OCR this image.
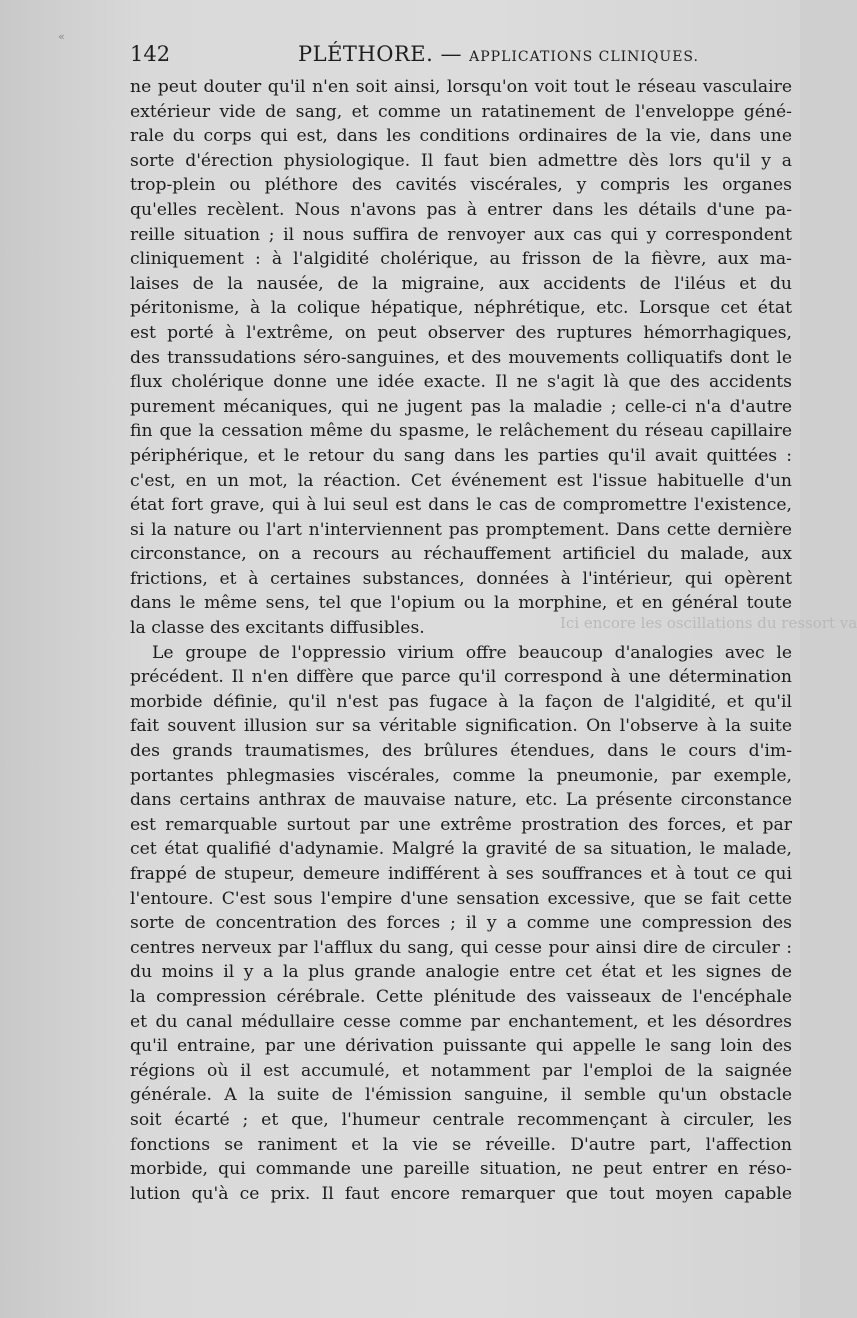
«
142	PLÉTHORE. — APPLICATIONS CLINIQUES.
Ici encore les oscillations du ressort va
ne peut douter qu'il n'en soit ainsi, lorsqu'on voit tout le réseau vasculaire
extérieur vide de sang, et comme un ratatinement de l'enveloppe géné-
rale du corps qui est, dans les conditions ordinaires de la vie, dans une
sorte d'érection physiologique. Il faut bien admettre dès lors qu'il y a
trop-plein ou pléthore des cavités viscérales, y compris les organes
qu'elles recèlent. Nous n'avons pas à entrer dans les détails d'une pa-
reille situation ; il nous suffira de renvoyer aux cas qui y correspondent
cliniquement : à l'algidité cholérique, au frisson de la fièvre, aux ma-
laises de la nausée, de la migraine, aux accidents de l'iléus et du
péritonisme, à la colique hépatique, néphrétique, etc. Lorsque cet état
est porté à l'extrême, on peut observer des ruptures hémorrhagiques,
des transsudations séro-sanguines, et des mouvements colliquatifs dont le
flux cholérique donne une idée exacte. Il ne s'agit là que des accidents
purement mécaniques, qui ne jugent pas la maladie ; celle-ci n'a d'autre
fin que la cessation même du spasme, le relâchement du réseau capillaire
périphérique, et le retour du sang dans les parties qu'il avait quittées :
c'est, en un mot, la réaction. Cet événement est l'issue habituelle d'un
état fort grave, qui à lui seul est dans le cas de compromettre l'existence,
si la nature ou l'art n'interviennent pas promptement. Dans cette dernière
circonstance, on a recours au réchauffement artificiel du malade, aux
frictions, et à certaines substances, données à l'intérieur, qui opèrent
dans le même sens, tel que l'opium ou la morphine, et en général toute
la classe des excitants diffusibles.
Le groupe de l'oppressio virium offre beaucoup d'analogies avec le
précédent. Il n'en diffère que parce qu'il correspond à une détermination
morbide définie, qu'il n'est pas fugace à la façon de l'algidité, et qu'il
fait souvent illusion sur sa véritable signification. On l'observe à la suite
des grands traumatismes, des brûlures étendues, dans le cours d'im-
portantes phlegmasies viscérales, comme la pneumonie, par exemple,
dans certains anthrax de mauvaise nature, etc. La présente circonstance
est remarquable surtout par une extrême prostration des forces, et par
cet état qualifié d'adynamie. Malgré la gravité de sa situation, le malade,
frappé de stupeur, demeure indifférent à ses souffrances et à tout ce qui
l'entoure. C'est sous l'empire d'une sensation excessive, que se fait cette
sorte de concentration des forces ; il y a comme une compression des
centres nerveux par l'afflux du sang, qui cesse pour ainsi dire de circuler :
du moins il y a la plus grande analogie entre cet état et les signes de
la compression cérébrale. Cette plénitude des vaisseaux de l'encéphale
et du canal médullaire cesse comme par enchantement, et les désordres
qu'il entraine, par une dérivation puissante qui appelle le sang loin des
régions où il est accumulé, et notamment par l'emploi de la saignée
générale. A la suite de l'émission sanguine, il semble qu'un obstacle
soit écarté ; et que, l'humeur centrale recommençant à circuler, les
fonctions se raniment et la vie se réveille. D'autre part, l'affection
morbide, qui commande une pareille situation, ne peut entrer en réso-
lution qu'à ce prix. Il faut encore remarquer que tout moyen capable
